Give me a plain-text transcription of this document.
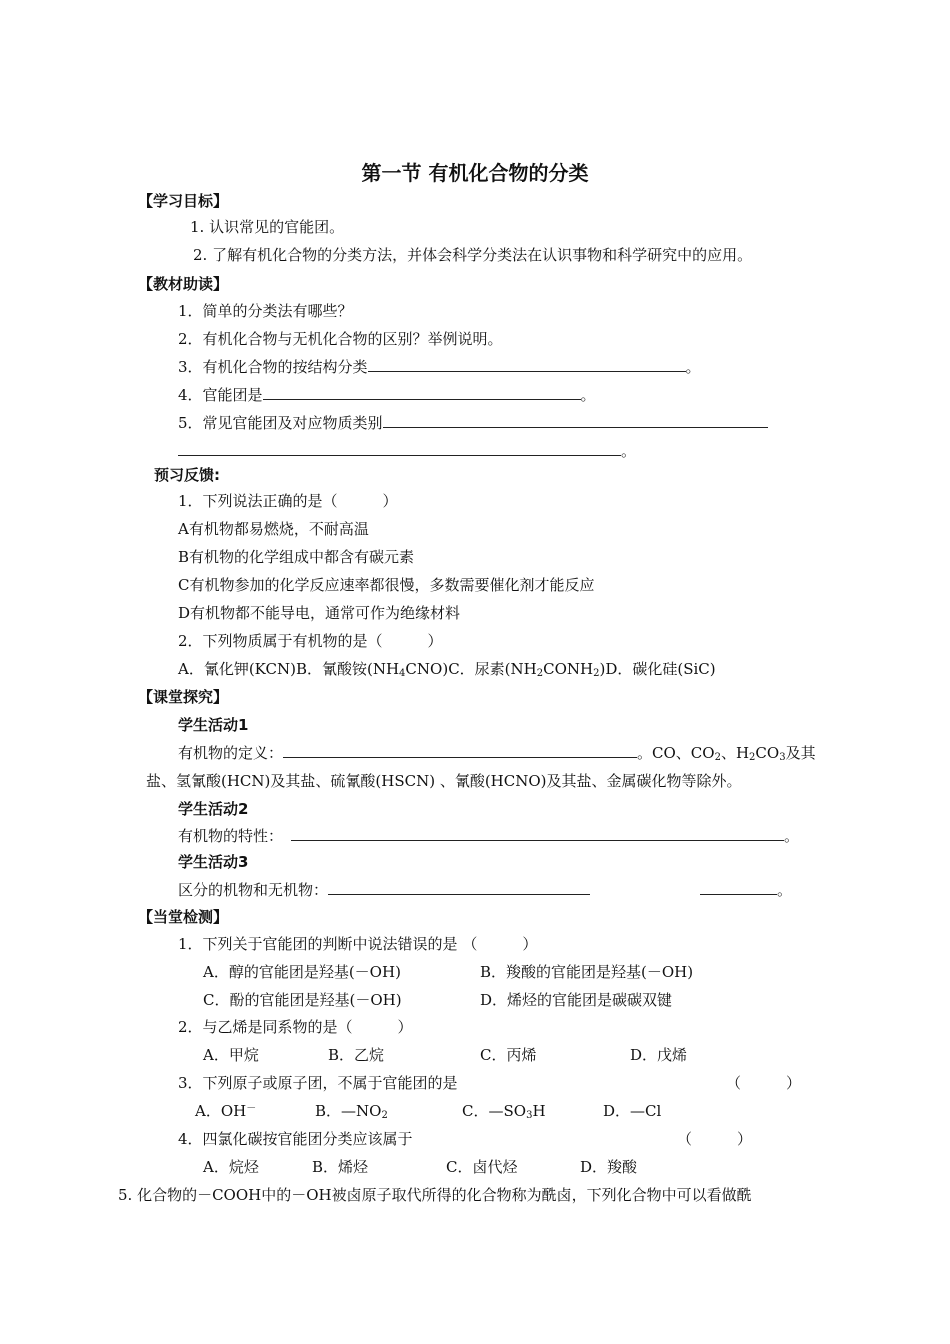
第一节 有机化合物的分类
【学习目标】
1. 认识常见的官能团。
2. 了解有机化合物的分类方法，并体会科学分类法在认识事物和科学研究中的应用。
【教材助读】
1．简单的分类法有哪些？
2．有机化合物与无机化合物的区别？举例说明。
3．有机化合物的按结构分类	。
4．官能团是	。
5．常见官能团及对应物质类别
。
预习反馈:
1．下列说法正确的是（　　　）
A有机物都易燃烧，不耐高温
B有机物的化学组成中都含有碳元素
C有机物参加的化学反应速率都很慢，多数需要催化剂才能反应
D有机物都不能导电，通常可作为绝缘材料
2．下列物质属于有机物的是（　　　）
A．氰化钾(KCN)B．氰酸铵$(NH_4CNO)C$．尿素$(NH_2CONH_2)D$．碳化硅(SiC)
【课堂探究】
学生活动1
有机物的定义：	。CO、$CO_2$、$H_2CO_3$及其
盐、氢氰酸(HCN)及其盐、硫氰酸(HSCN) 、氰酸(HCNO)及其盐、金属碳化物等除外。
学生活动2
有机物的特性：	。
学生活动3
区分的机物和无机物：	。
【当堂检测】
1．下列关于官能团的判断中说法错误的是 （　　　）
A．醇的官能团是羟基(－OH)	B．羧酸的官能团是羟基(－OH)
C．酚的官能团是羟基(－OH)	D．烯烃的官能团是碳碳双键
2．与乙烯是同系物的是（　　　）
A．甲烷	B．乙烷	C．丙烯	D．戊烯
3．下列原子或原子团，不属于官能团的是	（　　　）
A．OH－	B．$—NO_2$	C．$—SO_3H$	D．—Cl
4．四氯化碳按官能团分类应该属于	（　　　）
A．烷烃	B．烯烃	C．卤代烃	D．羧酸
5. 化合物的－COOH中的－OH被卤原子取代所得的化合物称为酰卤，下列化合物中可以看做酰
